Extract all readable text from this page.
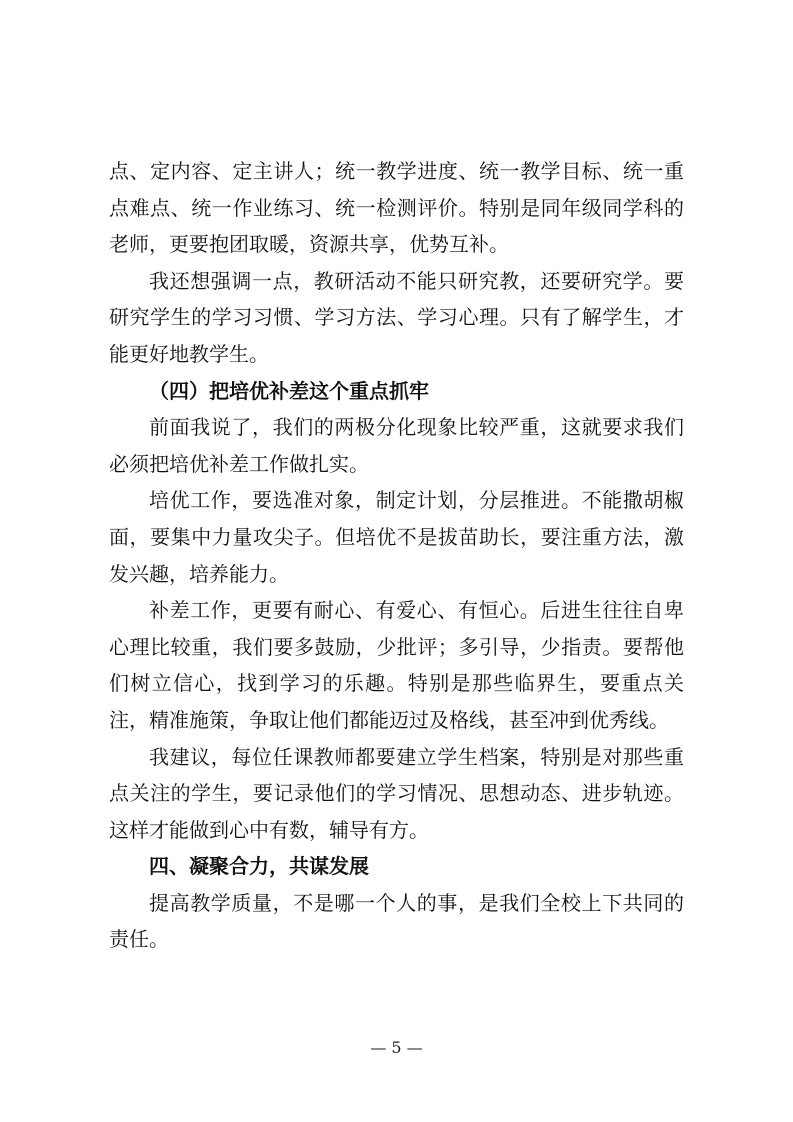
点、定内容、定主讲人；统一教学进度、统一教学目标、统一重点难点、统一作业练习、统一检测评价。特别是同年级同学科的老师，更要抱团取暖，资源共享，优势互补。

我还想强调一点，教研活动不能只研究教，还要研究学。要研究学生的学习习惯、学习方法、学习心理。只有了解学生，才能更好地教学生。

（四）把培优补差这个重点抓牢

前面我说了，我们的两极分化现象比较严重，这就要求我们必须把培优补差工作做扎实。

培优工作，要选准对象，制定计划，分层推进。不能撒胡椒面，要集中力量攻尖子。但培优不是拔苗助长，要注重方法，激发兴趣，培养能力。

补差工作，更要有耐心、有爱心、有恒心。后进生往往自卑心理比较重，我们要多鼓励，少批评；多引导，少指责。要帮他们树立信心，找到学习的乐趣。特别是那些临界生，要重点关注，精准施策，争取让他们都能迈过及格线，甚至冲到优秀线。

我建议，每位任课教师都要建立学生档案，特别是对那些重点关注的学生，要记录他们的学习情况、思想动态、进步轨迹。这样才能做到心中有数，辅导有方。

四、凝聚合力，共谋发展

提高教学质量，不是哪一个人的事，是我们全校上下共同的责任。

— 5 —
